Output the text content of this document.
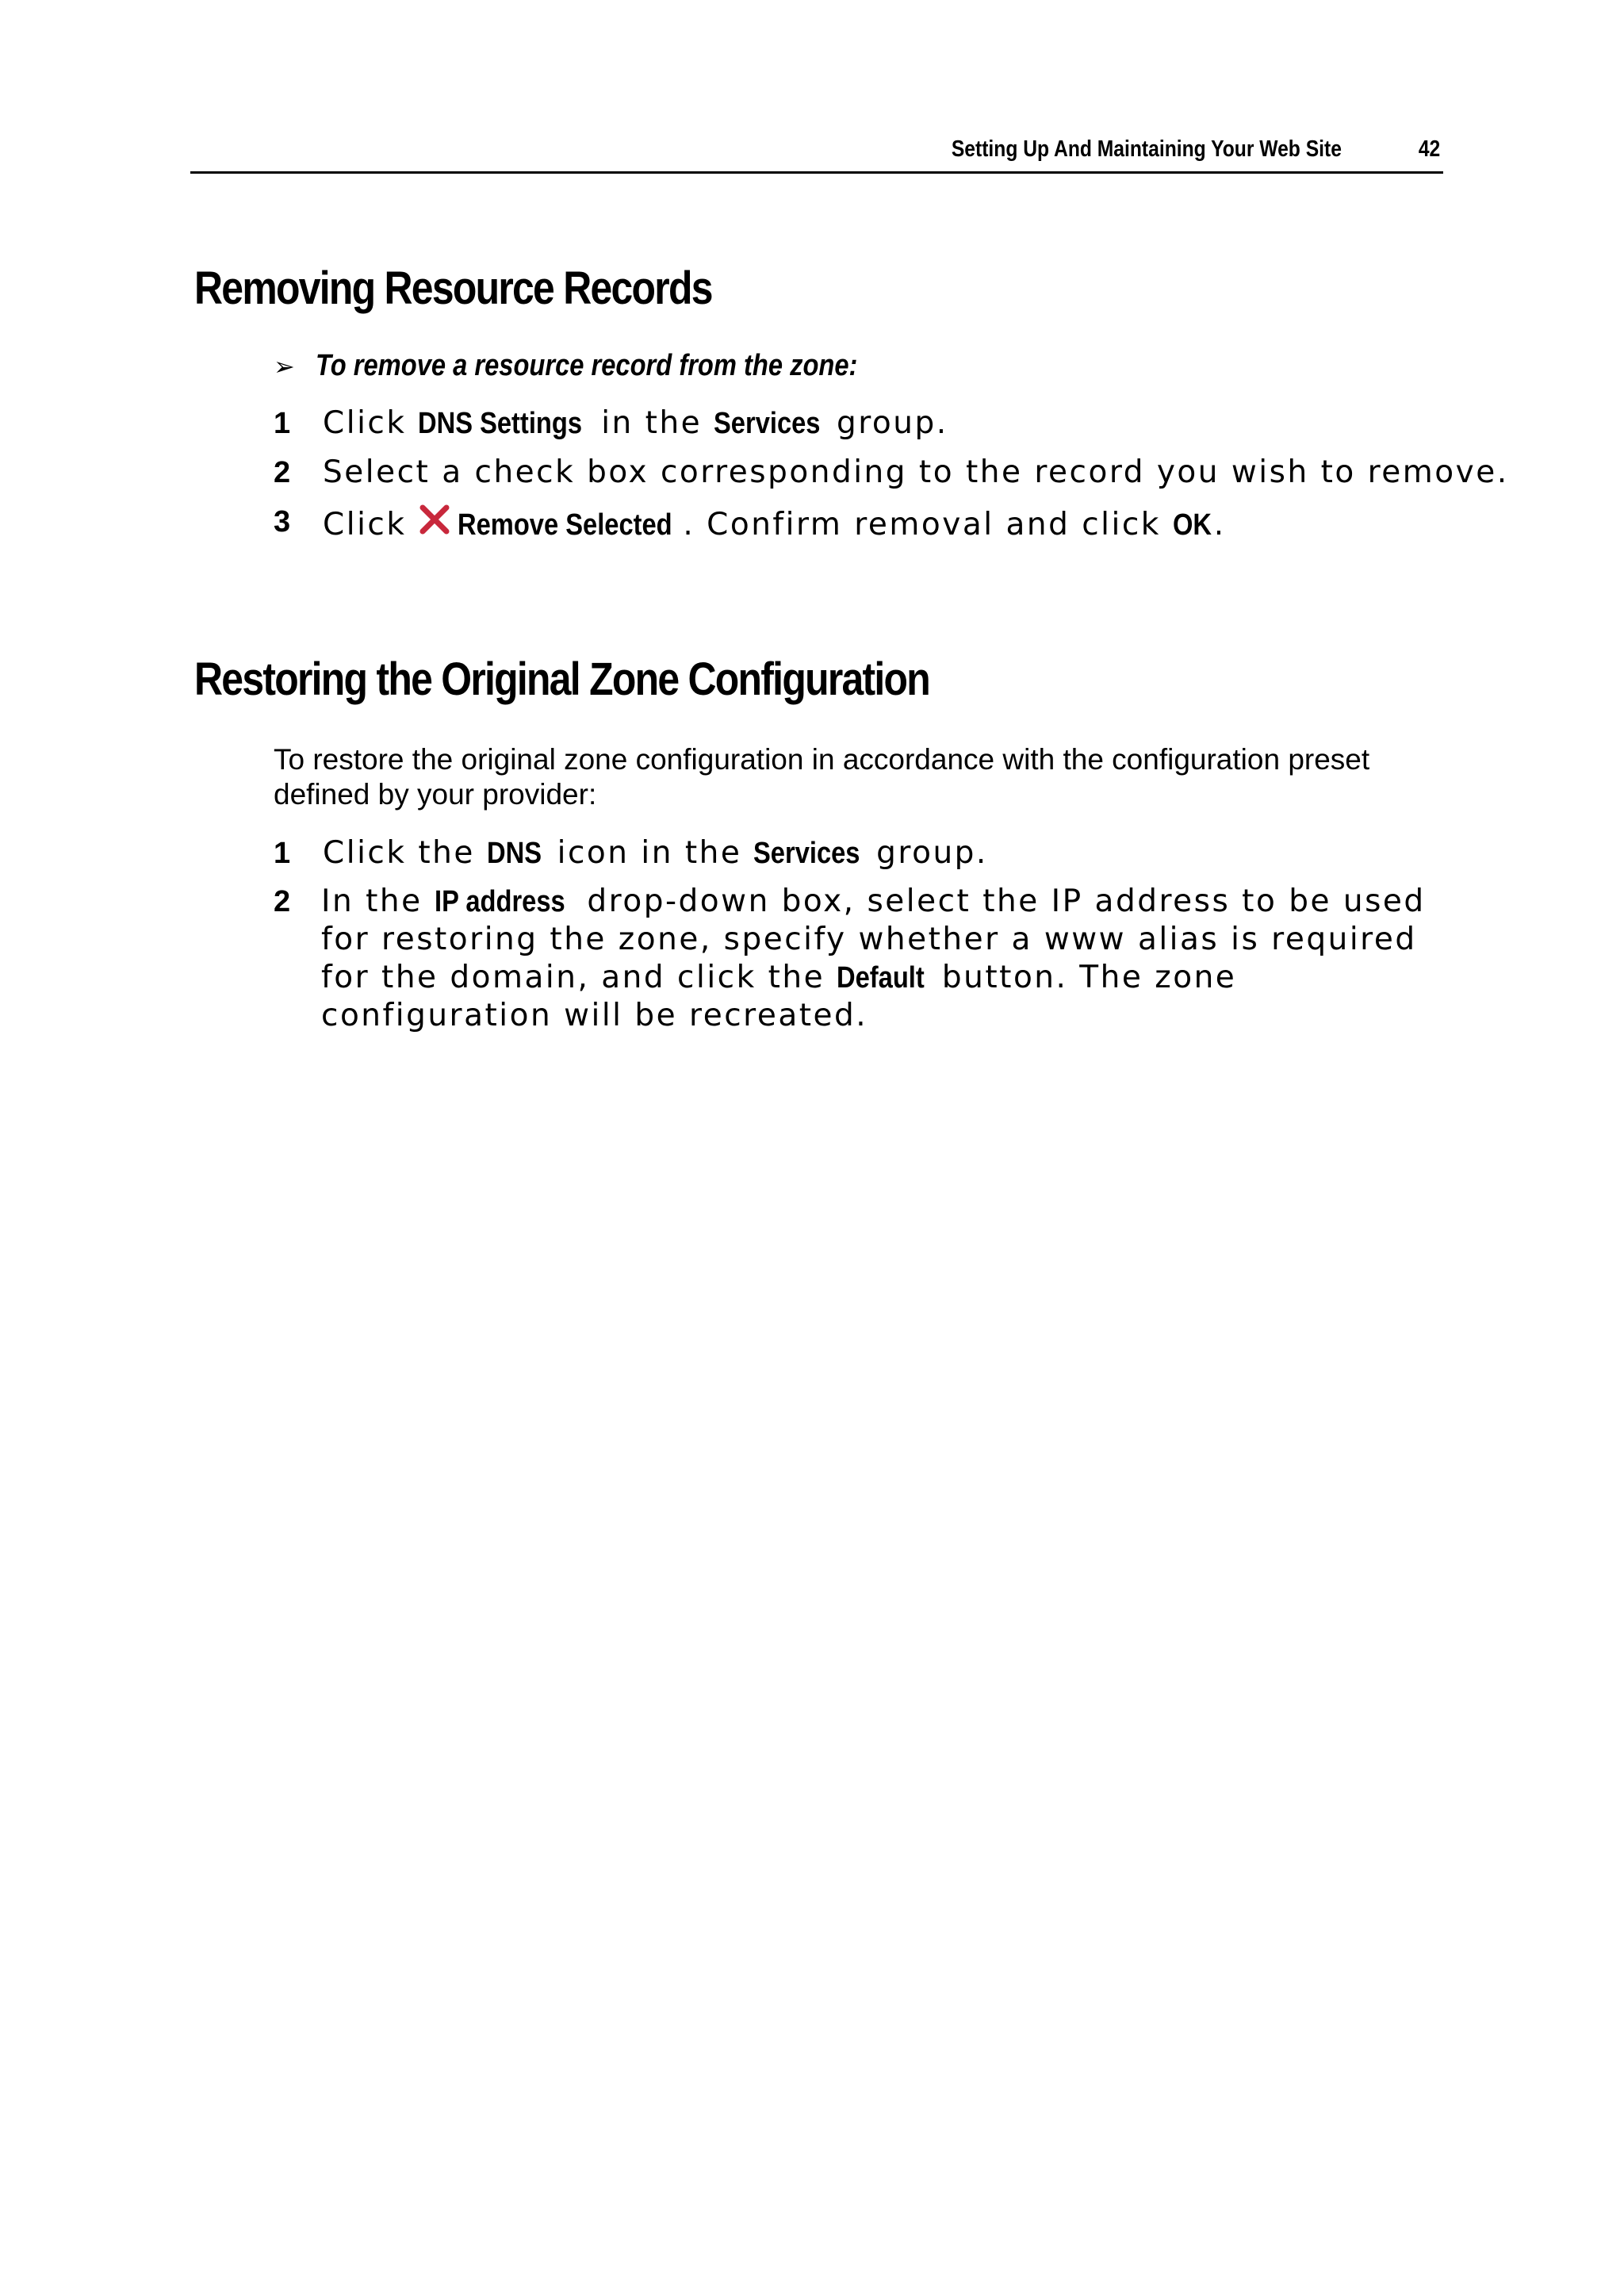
Setting Up And Maintaining Your Web Site	42
Removing Resource Records
➢ To remove a resource record from the zone:
1 Click DNS Settings in the Services group.
2 Select a check box corresponding to the record you wish to remove.
3 Click Remove Selected . Confirm removal and click OK.
Restoring the Original Zone Configuration

To restore the original zone configuration in accordance with the configuration preset defined by your provider:

1 Click the DNS icon in the Services group.
2 In the IP address drop-down box, select the IP address to be used for restoring the zone, specify whether a www alias is required for the domain, and click the Default button. The zone configuration will be recreated.
